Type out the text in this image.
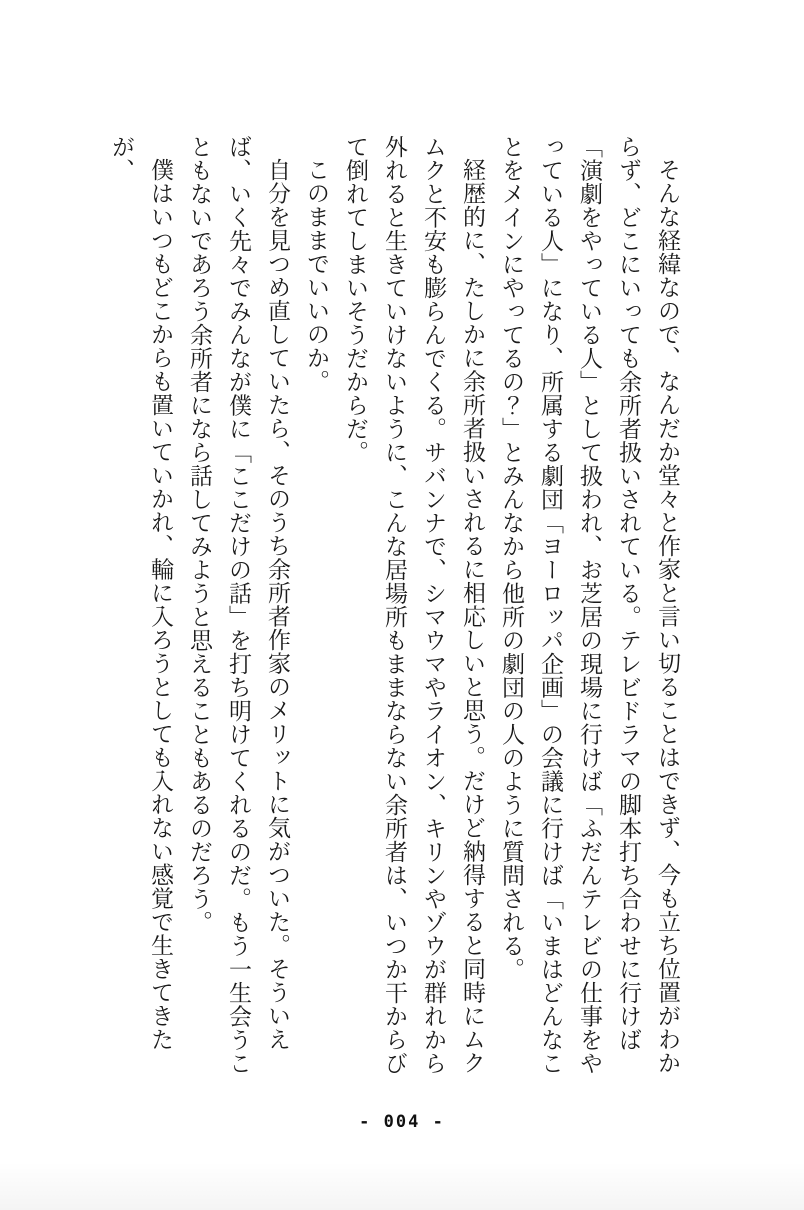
そんな経緯なので、なんだか堂々と作家と言い切ることはできず、今も立ち位置がわからず、どこにいっても余所者扱いされている。テレビドラマの脚本打ち合わせに行けば「演劇をやっている人」として扱われ、お芝居の現場に行けば「ふだんテレビの仕事をやっている人」になり、所属する劇団「ヨーロッパ企画」の会議に行けば「いまはどんなことをメインにやってるの？」とみんなから他所の劇団の人のように質問される。

経歴的に、たしかに余所者扱いされるに相応しいと思う。だけど納得すると同時にムクムクと不安も膨らんでくる。サバンナで、シマウマやライオン、キリンやゾウが群れから外れると生きていけないように、こんな居場所もままならない余所者は、いつか干からびて倒れてしまいそうだからだ。

このままでいいのか。

自分を見つめ直していたら、そのうち余所者作家のメリットに気がついた。そういえば、いく先々でみんなが僕に「ここだけの話」を打ち明けてくれるのだ。もう一生会うこともないであろう余所者になら話してみようと思えることもあるのだろう。

僕はいつもどこからも置いていかれ、輪に入ろうとしても入れない感覚で生きてきたが、

- 004 -
